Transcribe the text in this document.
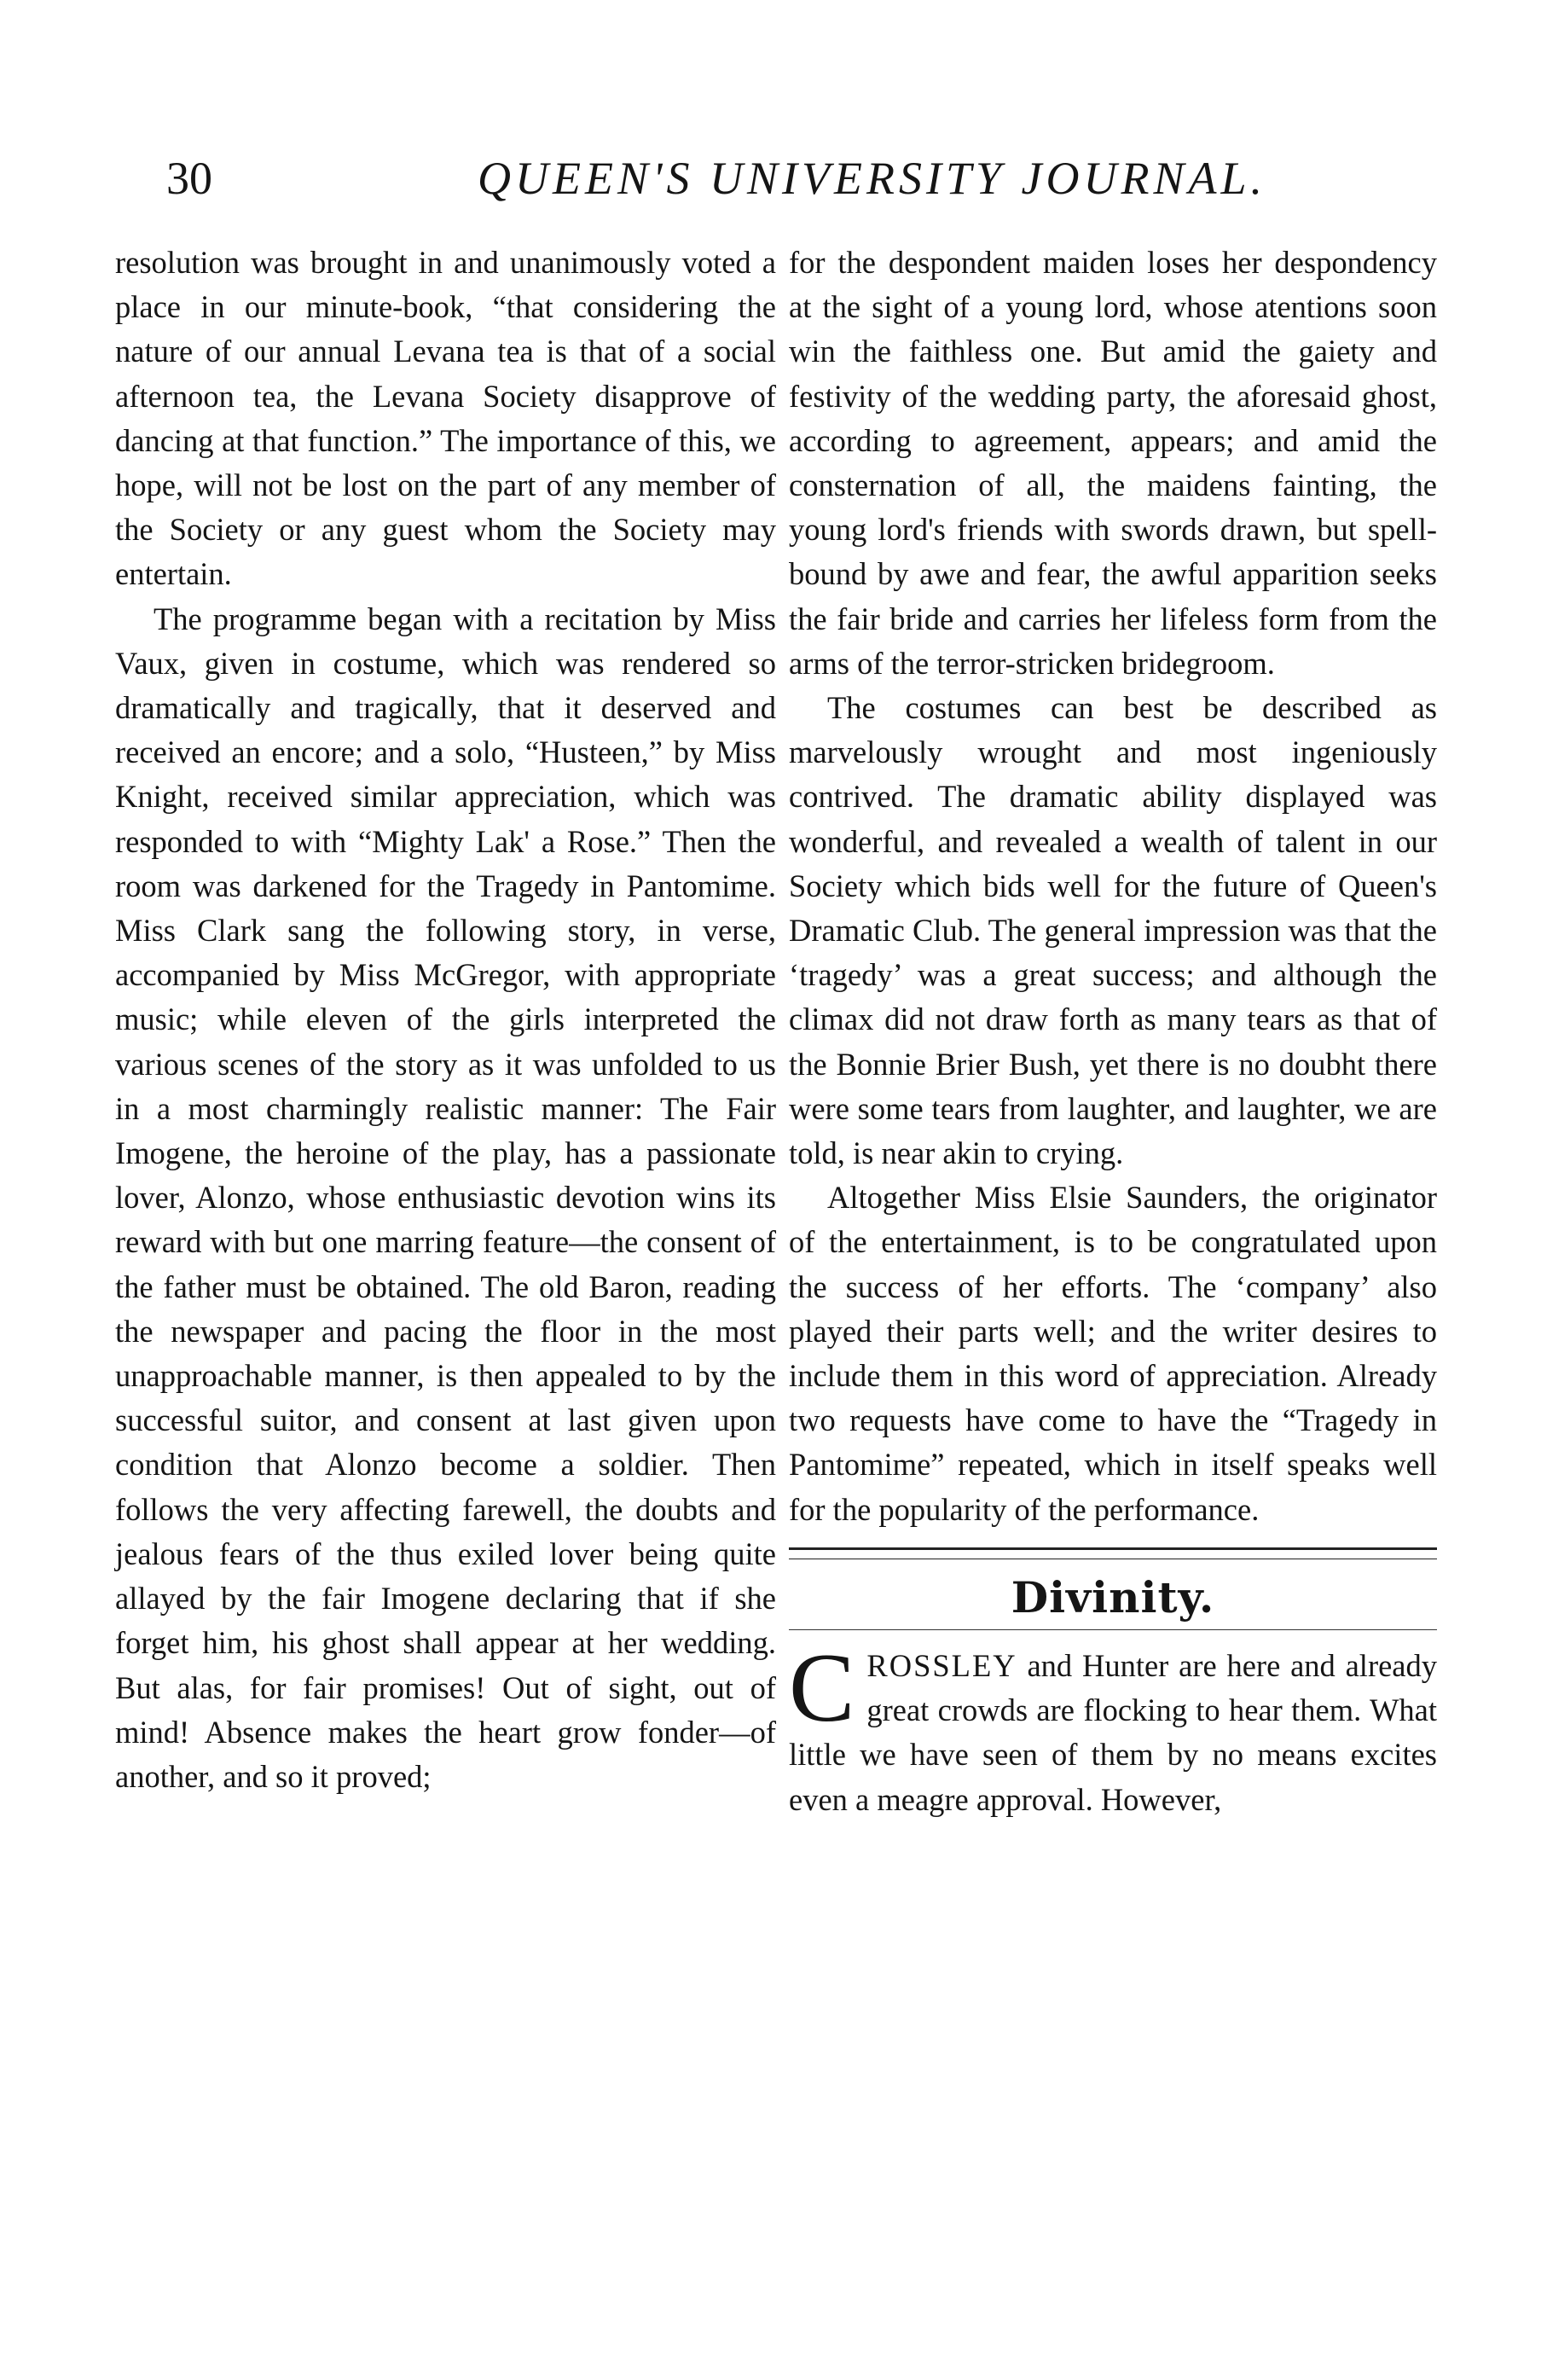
30	QUEEN'S UNIVERSITY JOURNAL.

resolution was brought in and unanimously voted a place in our minute-book, “that considering the nature of our annual Levana tea is that of a social afternoon tea, the Levana Society disapprove of dancing at that function.” The importance of this, we hope, will not be lost on the part of any member of the Society or any guest whom the Society may entertain.

The programme began with a recitation by Miss Vaux, given in costume, which was rendered so dramatically and tragically, that it deserved and received an encore; and a solo, “Husteen,” by Miss Knight, received similar appreciation, which was responded to with “Mighty Lak' a Rose.” Then the room was darkened for the Tragedy in Pantomime. Miss Clark sang the following story, in verse, accompanied by Miss McGregor, with appropriate music; while eleven of the girls interpreted the various scenes of the story as it was unfolded to us in a most charmingly realistic manner: The Fair Imogene, the heroine of the play, has a passionate lover, Alonzo, whose enthusiastic devotion wins its reward with but one marring feature—the consent of the father must be obtained. The old Baron, reading the newspaper and pacing the floor in the most unapproachable manner, is then appealed to by the successful suitor, and consent at last given upon condition that Alonzo become a soldier. Then follows the very affecting farewell, the doubts and jealous fears of the thus exiled lover being quite allayed by the fair Imogene declaring that if she forget him, his ghost shall appear at her wedding. But alas, for fair promises! Out of sight, out of mind! Absence makes the heart grow fonder—of another, and so it proved;

for the despondent maiden loses her despondency at the sight of a young lord, whose atentions soon win the faithless one. But amid the gaiety and festivity of the wedding party, the aforesaid ghost, according to agreement, appears; and amid the consternation of all, the maidens fainting, the young lord's friends with swords drawn, but spell-bound by awe and fear, the awful apparition seeks the fair bride and carries her lifeless form from the arms of the terror-stricken bridegroom.

The costumes can best be described as marvelously wrought and most ingeniously contrived. The dramatic ability displayed was wonderful, and revealed a wealth of talent in our Society which bids well for the future of Queen's Dramatic Club. The general impression was that the ‘tragedy’ was a great success; and although the climax did not draw forth as many tears as that of the Bonnie Brier Bush, yet there is no doubht there were some tears from laughter, and laughter, we are told, is near akin to crying.

Altogether Miss Elsie Saunders, the originator of the entertainment, is to be congratulated upon the success of her efforts. The ‘company’ also played their parts well; and the writer desires to include them in this word of appreciation. Already two requests have come to have the “Tragedy in Pantomime” repeated, which in itself speaks well for the popularity of the performance.

Divinity.

CROSSLEY and Hunter are here and already great crowds are flocking to hear them. What little we have seen of them by no means excites even a meagre approval. However,
